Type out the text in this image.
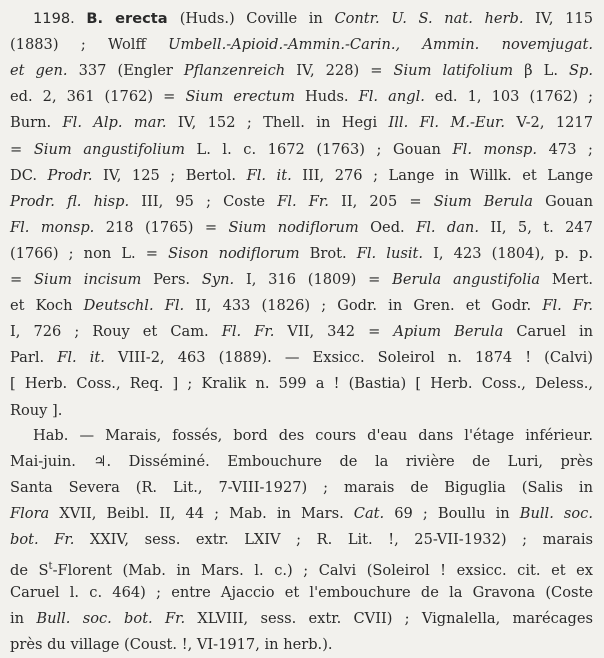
1198. B. erecta (Huds.) Coville in Contr. U. S. nat. herb. IV, 115
(1883) ; Wolff Umbell.-Apioid.-Ammin.-Carin., Ammin. novemjugat.
et gen. 337 (Engler Pflanzenreich IV, 228) = Sium latifolium β L. Sp.
ed. 2, 361 (1762) = Sium erectum Huds. Fl. angl. ed. 1, 103 (1762) ;
Burn. Fl. Alp. mar. IV, 152 ; Thell. in Hegi Ill. Fl. M.-Eur. V-2, 1217
= Sium angustifolium L. l. c. 1672 (1763) ; Gouan Fl. monsp. 473 ;
DC. Prodr. IV, 125 ; Bertol. Fl. it. III, 276 ; Lange in Willk. et Lange
Prodr. fl. hisp. III, 95 ; Coste Fl. Fr. II, 205 = Sium Berula Gouan
Fl. monsp. 218 (1765) = Sium nodiflorum Oed. Fl. dan. II, 5, t. 247
(1766) ; non L. = Sison nodiflorum Brot. Fl. lusit. I, 423 (1804), p. p.
= Sium incisum Pers. Syn. I, 316 (1809) = Berula angustifolia Mert.
et Koch Deutschl. Fl. II, 433 (1826) ; Godr. in Gren. et Godr. Fl. Fr.
I, 726 ; Rouy et Cam. Fl. Fr. VII, 342 = Apium Berula Caruel in
Parl. Fl. it. VIII-2, 463 (1889). — Exsicc. Soleirol n. 1874 ! (Calvi)
[ Herb. Coss., Req. ] ; Kralik n. 599 a ! (Bastia) [ Herb. Coss., Deless.,
Rouy ].
Hab. — Marais, fossés, bord des cours d'eau dans l'étage inférieur.
Mai-juin. ♃. Disséminé. Embouchure de la rivière de Luri, près
Santa Severa (R. Lit., 7-VIII-1927) ; marais de Biguglia (Salis in
Flora XVII, Beibl. II, 44 ; Mab. in Mars. Cat. 69 ; Boullu in Bull. soc.
bot. Fr. XXIV, sess. extr. LXIV ; R. Lit. !, 25-VII-1932) ; marais
de $S^t$-Florent (Mab. in Mars. l. c.) ; Calvi (Soleirol ! exsicc. cit. et ex
Caruel l. c. 464) ; entre Ajaccio et l'embouchure de la Gravona (Coste
in Bull. soc. bot. Fr. XLVIII, sess. extr. CVII) ; Vignalella, marécages
près du village (Coust. !, VI-1917, in herb.).
